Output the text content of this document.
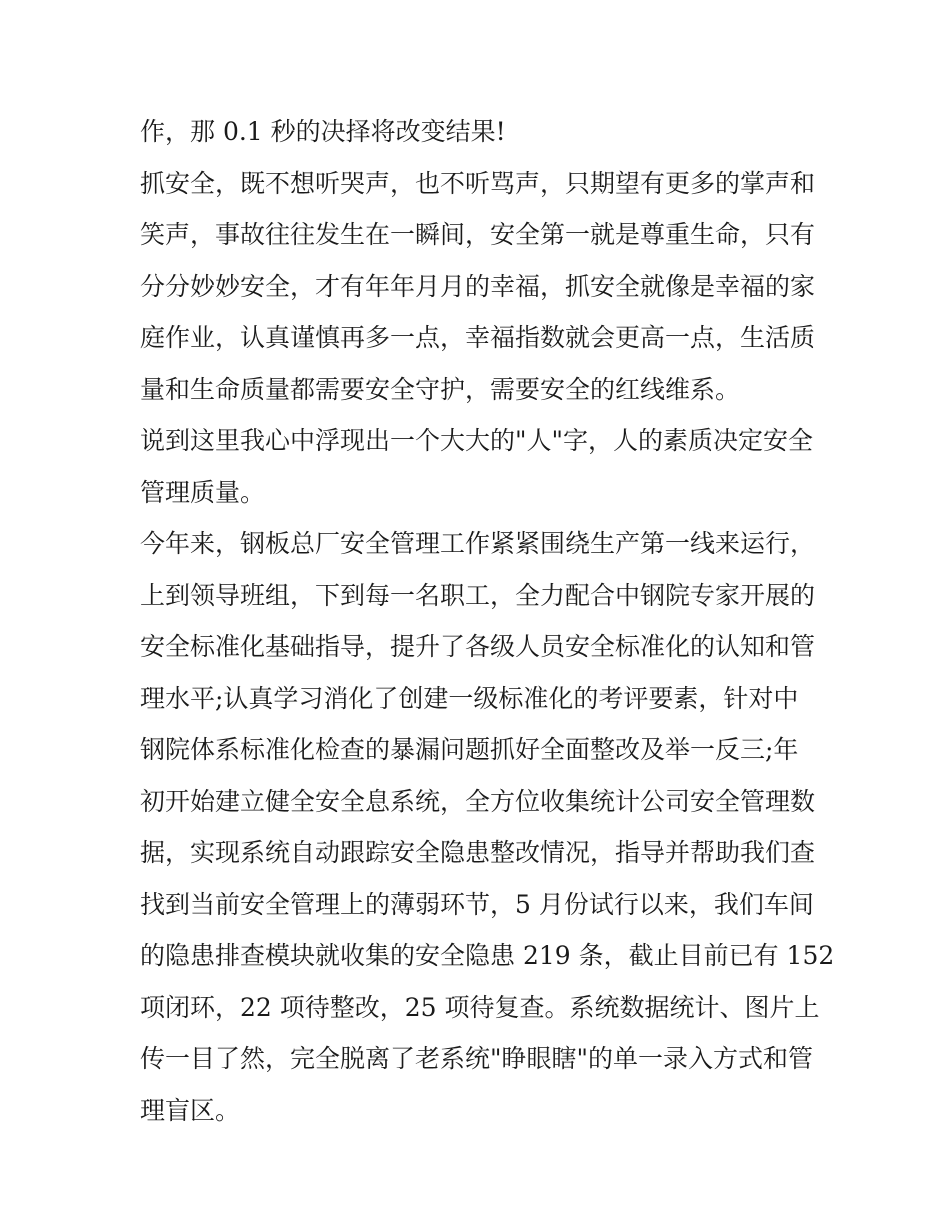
作，那 0.1 秒的决择将改变结果!
抓安全，既不想听哭声，也不听骂声，只期望有更多的掌声和
笑声，事故往往发生在一瞬间，安全第一就是尊重生命，只有
分分妙妙安全，才有年年月月的幸福，抓安全就像是幸福的家
庭作业，认真谨慎再多一点，幸福指数就会更高一点，生活质
量和生命质量都需要安全守护，需要安全的红线维系。
说到这里我心中浮现出一个大大的"人"字，人的素质决定安全
管理质量。
今年来，钢板总厂安全管理工作紧紧围绕生产第一线来运行，
上到领导班组，下到每一名职工，全力配合中钢院专家开展的
安全标准化基础指导，提升了各级人员安全标准化的认知和管
理水平;认真学习消化了创建一级标准化的考评要素，针对中
钢院体系标准化检查的暴漏问题抓好全面整改及举一反三;年
初开始建立健全安全息系统，全方位收集统计公司安全管理数
据，实现系统自动跟踪安全隐患整改情况，指导并帮助我们查
找到当前安全管理上的薄弱环节，5 月份试行以来，我们车间
的隐患排查模块就收集的安全隐患 219 条，截止目前已有 152
项闭环，22 项待整改，25 项待复查。系统数据统计、图片上
传一目了然，完全脱离了老系统"睁眼瞎"的单一录入方式和管
理盲区。
